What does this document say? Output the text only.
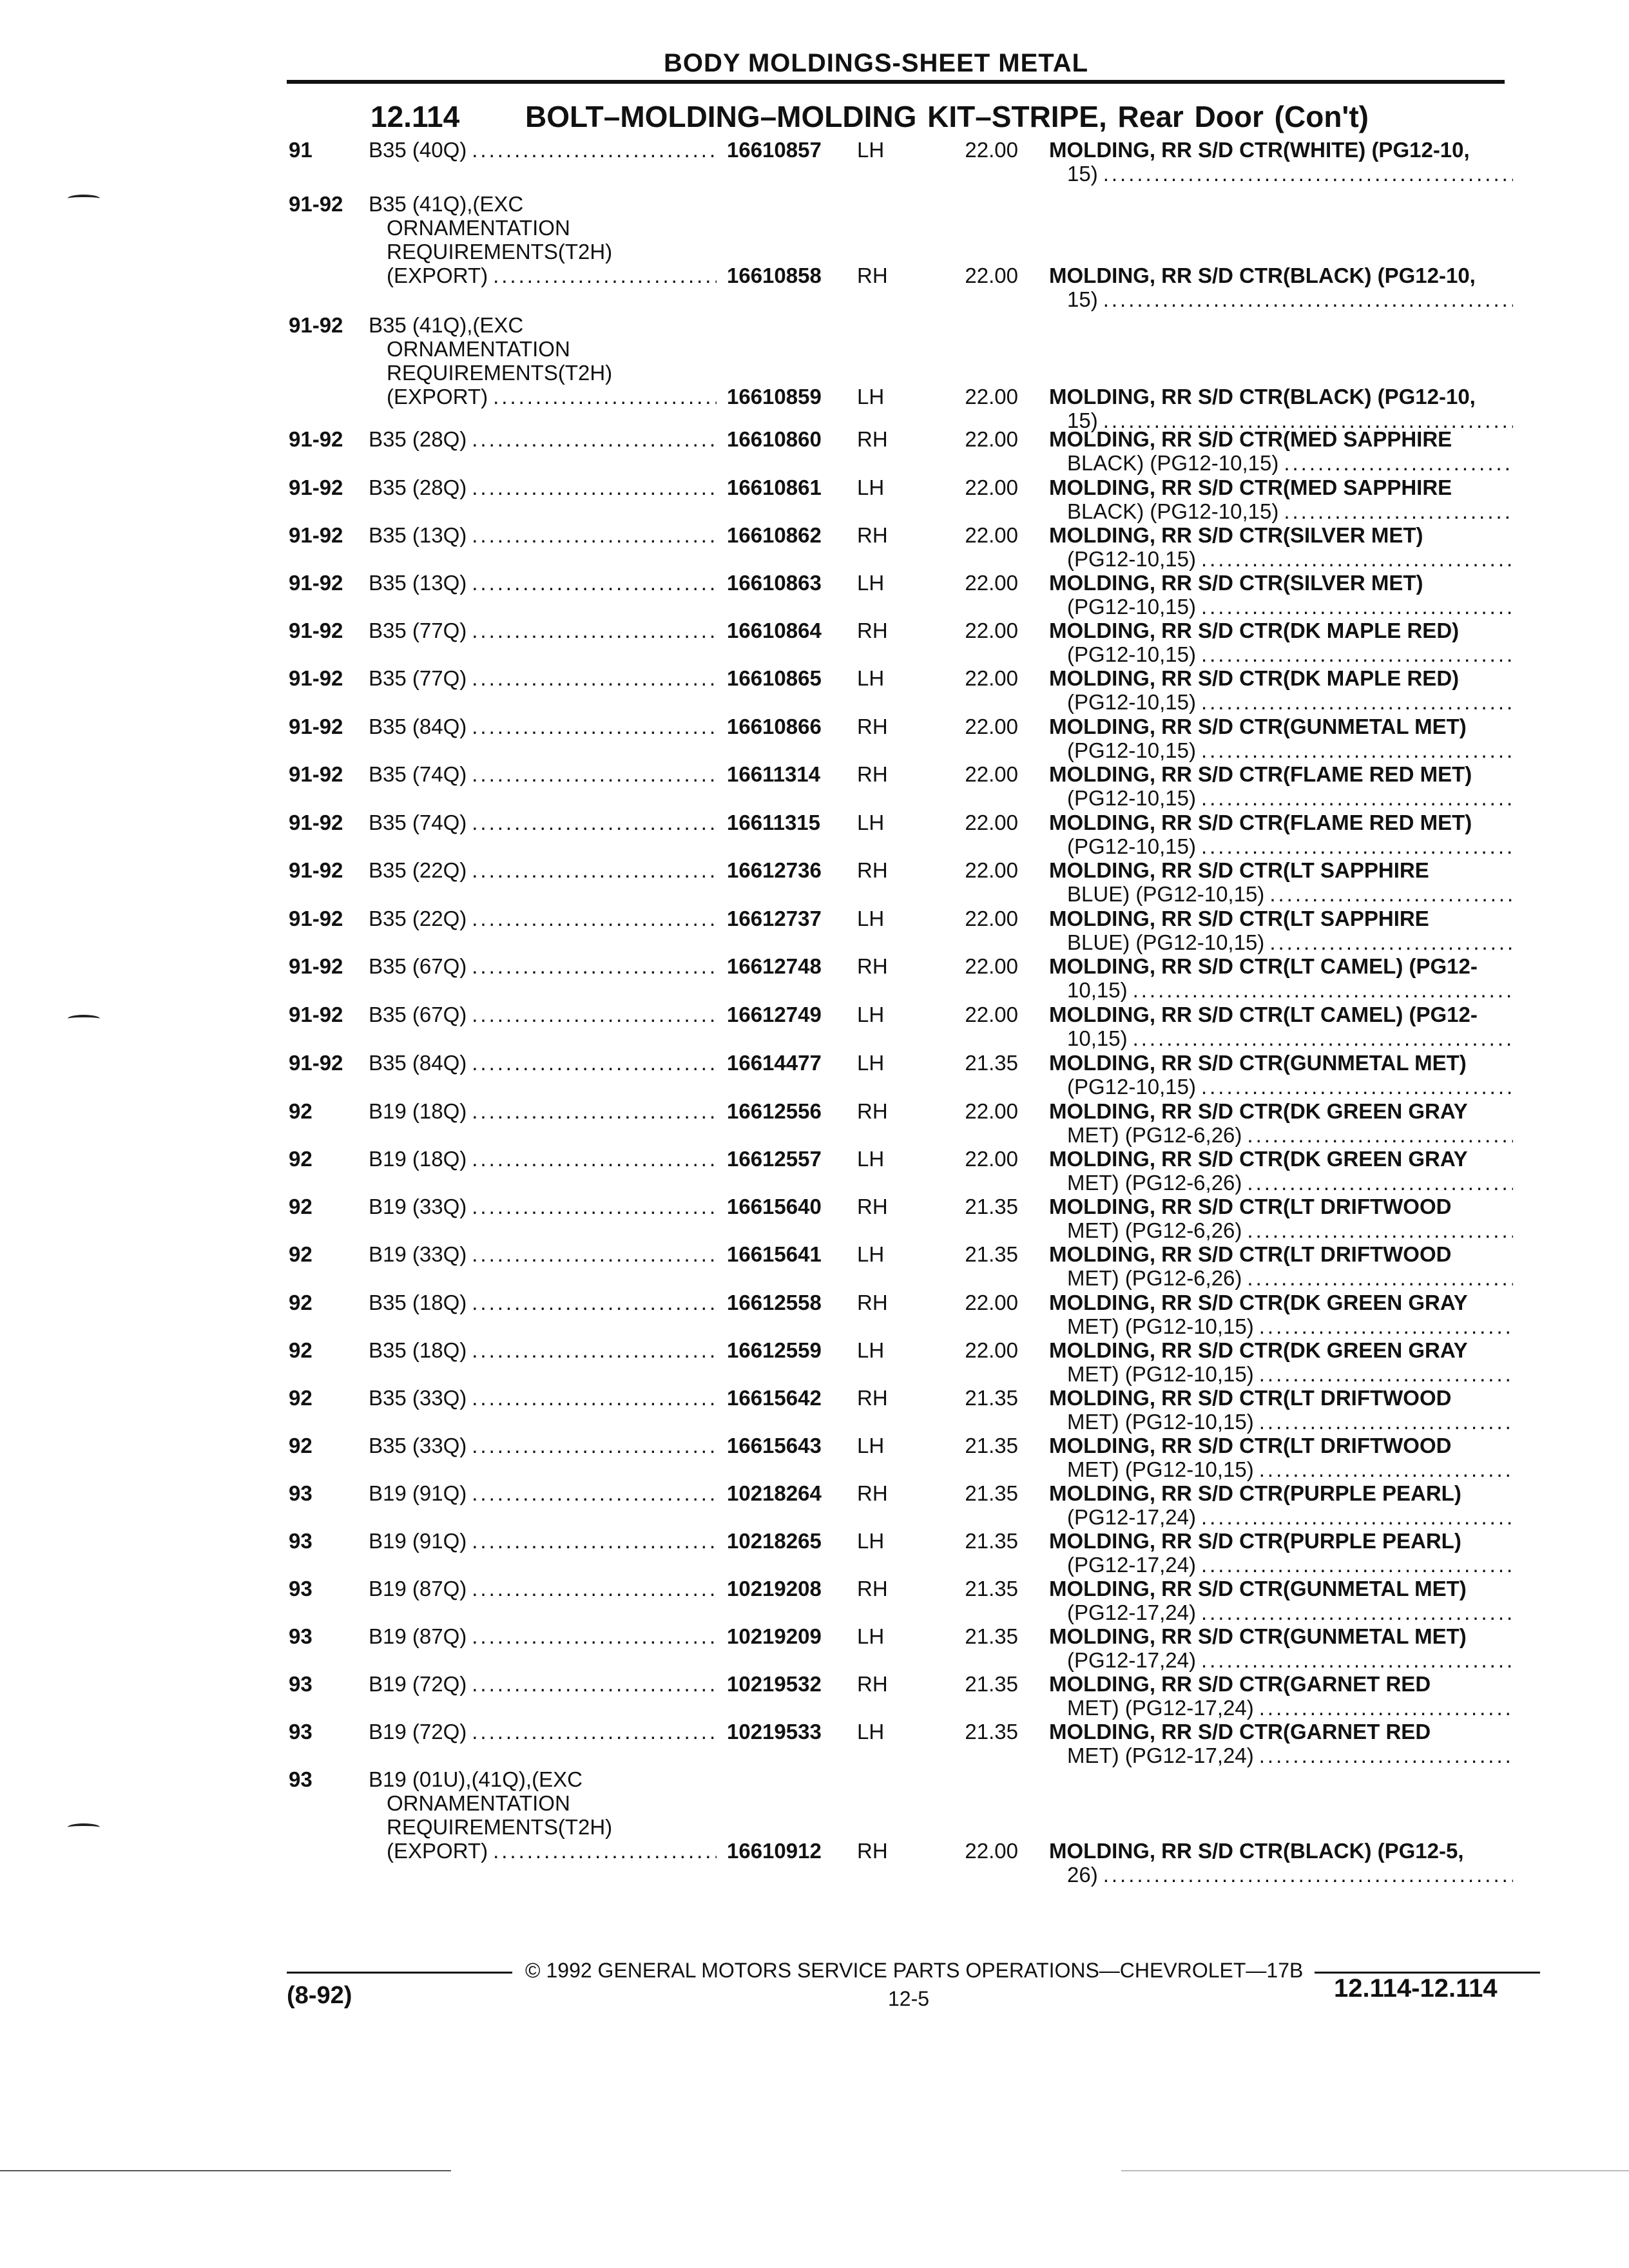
BODY MOLDINGS-SHEET METAL
12.114 BOLT–MOLDING–MOLDING KIT–STRIPE, Rear Door (Con't)
91	B35 (40Q) .....	16610857 LH	22.00 MOLDING, RR S/D CTR(WHITE) (PG12-10,
15)
.....
91-92 B35 (41Q),(EXC
ORNAMENTATION
REQUIREMENTS(T2H)
(EXPORT) .....	16610858 RH	22.00 MOLDING, RR S/D CTR(BLACK) (PG12-10,
15)
.....
91-92 B35 (41Q),(EXC
ORNAMENTATION
REQUIREMENTS(T2H)
(EXPORT) .....	16610859 LH	22.00 MOLDING, RR S/D CTR(BLACK) (PG12-10,
15)
.....
91-92 B35 (28Q) .....	16610860 RH	22.00 MOLDING, RR S/D CTR(MED SAPPHIRE
BLACK) (PG12-10,15)
.....
91-92 B35 (28Q) .....	16610861 LH	22.00 MOLDING, RR S/D CTR(MED SAPPHIRE
BLACK) (PG12-10,15)
.....
91-92 B35 (13Q) .....	16610862 RH	22.00 MOLDING, RR S/D CTR(SILVER MET)
(PG12-10,15)
.....
91-92 B35 (13Q) .....	16610863 LH	22.00 MOLDING, RR S/D CTR(SILVER MET)
(PG12-10,15)
.....
91-92 B35 (77Q) .....	16610864 RH	22.00 MOLDING, RR S/D CTR(DK MAPLE RED)
(PG12-10,15)
.....
91-92 B35 (77Q) .....	16610865 LH	22.00 MOLDING, RR S/D CTR(DK MAPLE RED)
(PG12-10,15)
.....
91-92 B35 (84Q) .....	16610866 RH	22.00 MOLDING, RR S/D CTR(GUNMETAL MET)
(PG12-10,15)
.....
91-92 B35 (74Q) .....	16611314 RH	22.00 MOLDING, RR S/D CTR(FLAME RED MET)
(PG12-10,15)
.....
91-92 B35 (74Q) .....	16611315 LH	22.00 MOLDING, RR S/D CTR(FLAME RED MET)
(PG12-10,15)
.....
91-92 B35 (22Q) .....	16612736 RH	22.00 MOLDING, RR S/D CTR(LT SAPPHIRE
BLUE) (PG12-10,15)
.....
91-92 B35 (22Q) .....	16612737 LH	22.00 MOLDING, RR S/D CTR(LT SAPPHIRE
BLUE) (PG12-10,15)
.....
91-92 B35 (67Q) .....	16612748 RH	22.00 MOLDING, RR S/D CTR(LT CAMEL) (PG12-
10,15)
.....
91-92 B35 (67Q) .....	16612749 LH	22.00 MOLDING, RR S/D CTR(LT CAMEL) (PG12-
10,15)
.....
91-92 B35 (84Q) .....	16614477 LH	21.35 MOLDING, RR S/D CTR(GUNMETAL MET)
(PG12-10,15)
.....
92	B19 (18Q) .....	16612556 RH	22.00 MOLDING, RR S/D CTR(DK GREEN GRAY
MET) (PG12-6,26)
.....
92	B19 (18Q) .....	16612557 LH	22.00 MOLDING, RR S/D CTR(DK GREEN GRAY
MET) (PG12-6,26)
.....
92	B19 (33Q) .....	16615640 RH	21.35 MOLDING, RR S/D CTR(LT DRIFTWOOD
MET) (PG12-6,26)
.....
92	B19 (33Q) .....	16615641 LH	21.35 MOLDING, RR S/D CTR(LT DRIFTWOOD
MET) (PG12-6,26)
.....
92	B35 (18Q) .....	16612558 RH	22.00 MOLDING, RR S/D CTR(DK GREEN GRAY
MET) (PG12-10,15)
.....
92	B35 (18Q) .....	16612559 LH	22.00 MOLDING, RR S/D CTR(DK GREEN GRAY
MET) (PG12-10,15)
.....
92	B35 (33Q) .....	16615642 RH	21.35 MOLDING, RR S/D CTR(LT DRIFTWOOD
MET) (PG12-10,15)
.....
92	B35 (33Q) .....	16615643 LH	21.35 MOLDING, RR S/D CTR(LT DRIFTWOOD
MET) (PG12-10,15)
.....
93	B19 (91Q) .....	10218264 RH	21.35 MOLDING, RR S/D CTR(PURPLE PEARL)
(PG12-17,24)
.....
93	B19 (91Q) .....	10218265 LH	21.35 MOLDING, RR S/D CTR(PURPLE PEARL)
(PG12-17,24)
.....
93	B19 (87Q) .....	10219208 RH	21.35 MOLDING, RR S/D CTR(GUNMETAL MET)
(PG12-17,24)
.....
93	B19 (87Q) .....	10219209 LH	21.35 MOLDING, RR S/D CTR(GUNMETAL MET)
(PG12-17,24)
.....
93	B19 (72Q) .....	10219532 RH	21.35 MOLDING, RR S/D CTR(GARNET RED
MET) (PG12-17,24)
.....
93	B19 (72Q) .....	10219533 LH	21.35 MOLDING, RR S/D CTR(GARNET RED
MET) (PG12-17,24)
.....
93	B19 (01U),(41Q),(EXC
ORNAMENTATION
REQUIREMENTS(T2H)
(EXPORT) .....	16610912 RH	22.00 MOLDING, RR S/D CTR(BLACK) (PG12-5,
26)
.....
© 1992 GENERAL MOTORS SERVICE PARTS OPERATIONS—CHEVROLET—17B
(8-92)	12-5	12.114-12.114
